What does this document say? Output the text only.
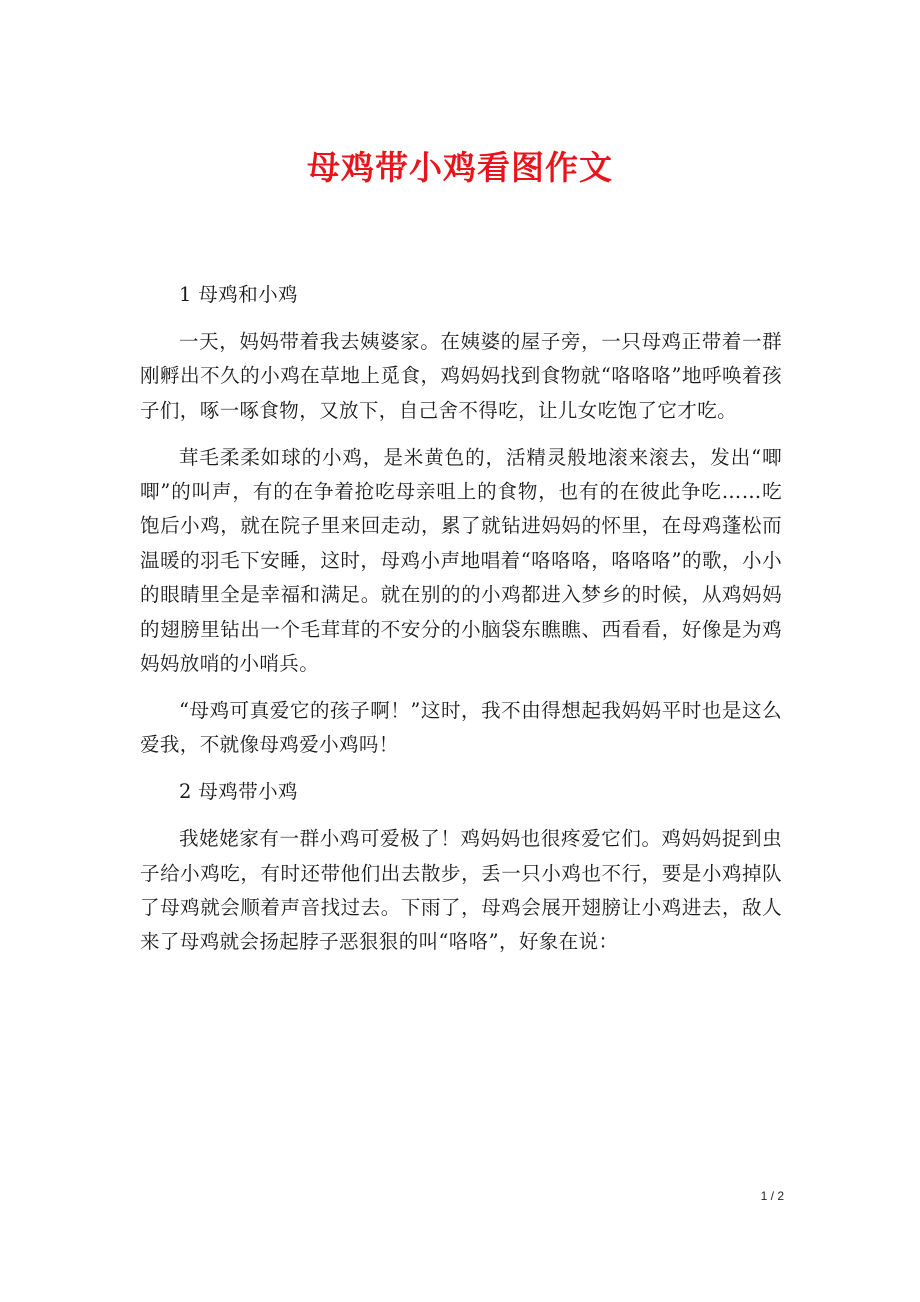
母鸡带小鸡看图作文

1 母鸡和小鸡

一天，妈妈带着我去姨婆家。在姨婆的屋子旁，一只母鸡正带着一群刚孵出不久的小鸡在草地上觅食，鸡妈妈找到食物就“咯咯咯”地呼唤着孩子们，啄一啄食物，又放下，自己舍不得吃，让儿女吃饱了它才吃。

茸毛柔柔如球的小鸡，是米黄色的，活精灵般地滚来滚去，发出“唧唧”的叫声，有的在争着抢吃母亲咀上的食物，也有的在彼此争吃……吃饱后小鸡，就在院子里来回走动，累了就钻进妈妈的怀里，在母鸡蓬松而温暖的羽毛下安睡，这时，母鸡小声地唱着“咯咯咯，咯咯咯”的歌，小小的眼睛里全是幸福和满足。就在别的的小鸡都进入梦乡的时候，从鸡妈妈的翅膀里钻出一个毛茸茸的不安分的小脑袋东瞧瞧、西看看，好像是为鸡妈妈放哨的小哨兵。

“母鸡可真爱它的孩子啊！”这时，我不由得想起我妈妈平时也是这么爱我，不就像母鸡爱小鸡吗！

2 母鸡带小鸡

我姥姥家有一群小鸡可爱极了！鸡妈妈也很疼爱它们。鸡妈妈捉到虫子给小鸡吃，有时还带他们出去散步，丢一只小鸡也不行，要是小鸡掉队了母鸡就会顺着声音找过去。下雨了，母鸡会展开翅膀让小鸡进去，敌人来了母鸡就会扬起脖子恶狠狠的叫“咯咯”，好象在说：

1 / 2
